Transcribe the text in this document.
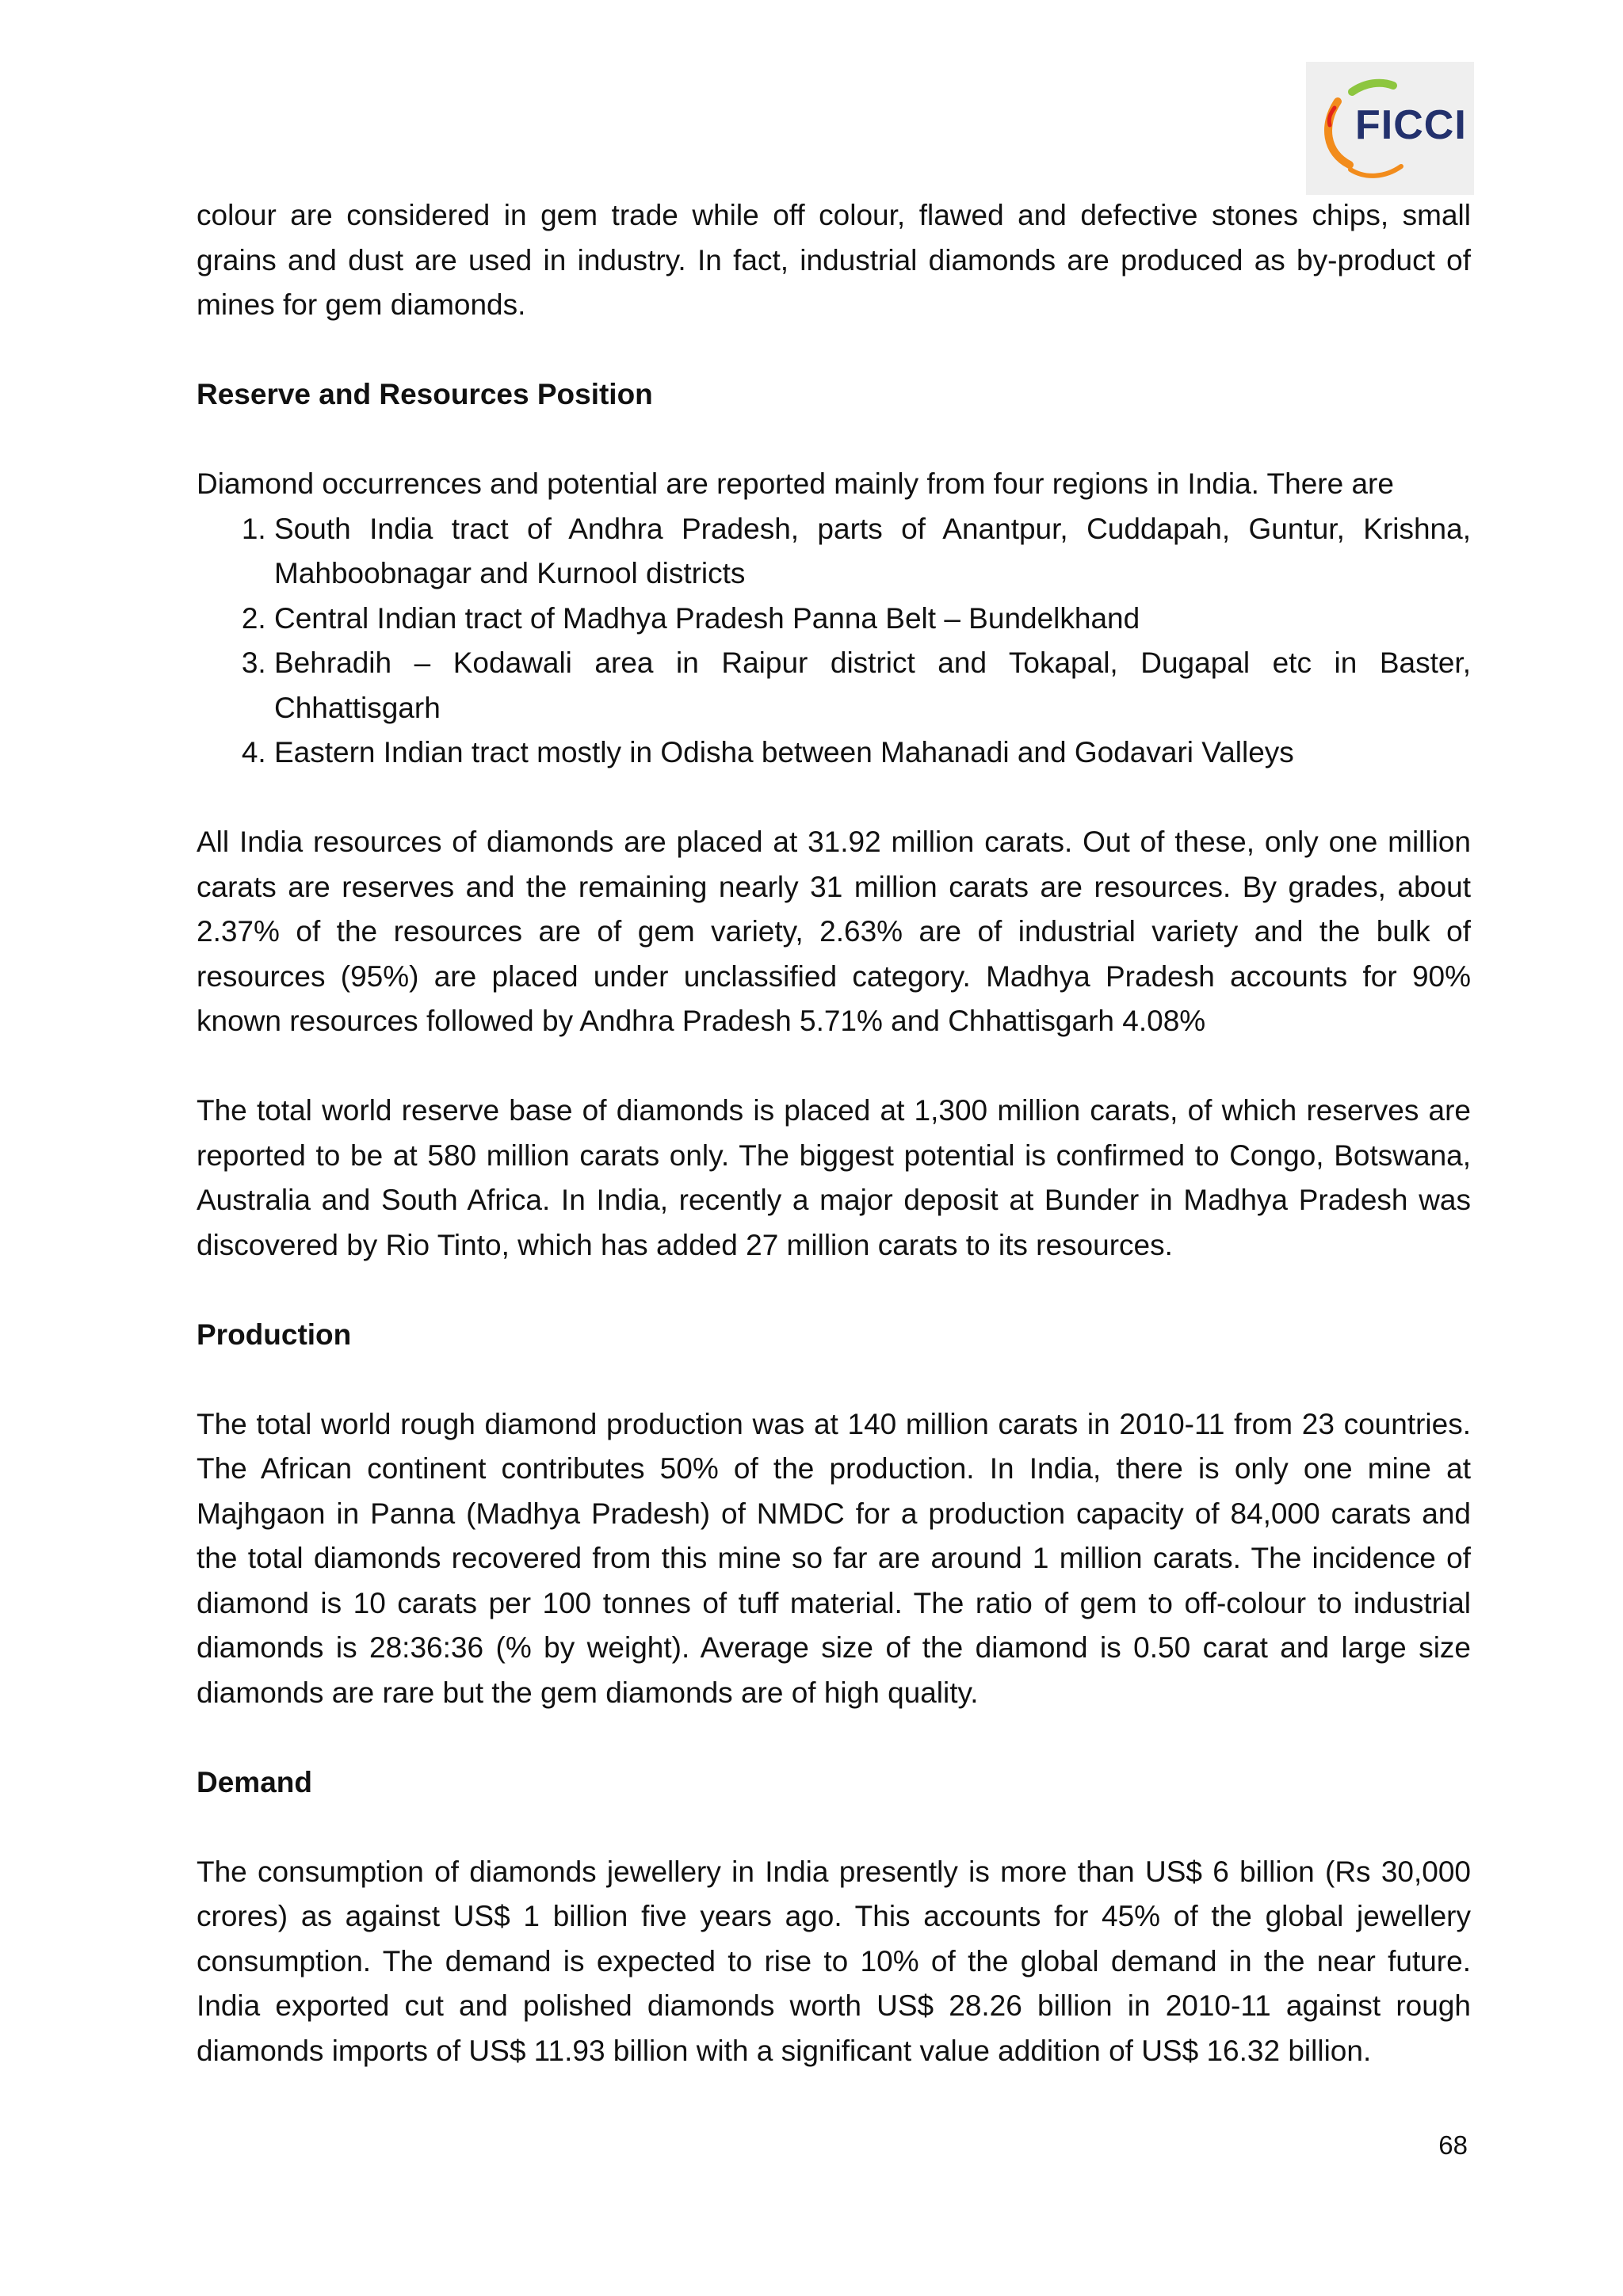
FICCI

colour are considered in gem trade while off colour, flawed and defective stones chips, small grains and dust are used in industry. In fact, industrial diamonds are produced as by-product of mines for gem diamonds.

Reserve and Resources Position

Diamond occurrences and potential are reported mainly from four regions in India. There are

1. South India tract of Andhra Pradesh, parts of Anantpur, Cuddapah, Guntur, Krishna, Mahboobnagar and Kurnool districts
2. Central Indian tract of Madhya Pradesh Panna Belt – Bundelkhand
3. Behradih – Kodawali area in Raipur district and Tokapal, Dugapal etc in Baster, Chhattisgarh
4. Eastern Indian tract mostly in Odisha between Mahanadi and Godavari Valleys

All India resources of diamonds are placed at 31.92 million carats. Out of these, only one million carats are reserves and the remaining nearly 31 million carats are resources. By grades, about 2.37% of the resources are of gem variety, 2.63% are of industrial variety and the bulk of resources (95%) are placed under unclassified category. Madhya Pradesh accounts for 90% known resources followed by Andhra Pradesh 5.71% and Chhattisgarh 4.08%

The total world reserve base of diamonds is placed at 1,300 million carats, of which reserves are reported to be at 580 million carats only. The biggest potential is confirmed to Congo, Botswana, Australia and South Africa. In India, recently a major deposit at Bunder in Madhya Pradesh was discovered by Rio Tinto, which has added 27 million carats to its resources.

Production

The total world rough diamond production was at 140 million carats in 2010-11 from 23 countries. The African continent contributes 50% of the production. In India, there is only one mine at Majhgaon in Panna (Madhya Pradesh) of NMDC for a production capacity of 84,000 carats and the total diamonds recovered from this mine so far are around 1 million carats. The incidence of diamond is 10 carats per 100 tonnes of tuff material. The ratio of gem to off-colour to industrial diamonds is 28:36:36 (% by weight). Average size of the diamond is 0.50 carat and large size diamonds are rare but the gem diamonds are of high quality.

Demand

The consumption of diamonds jewellery in India presently is more than US$ 6 billion (Rs 30,000 crores) as against US$ 1 billion five years ago. This accounts for 45% of the global jewellery consumption. The demand is expected to rise to 10% of the global demand in the near future. India exported cut and polished diamonds worth US$ 28.26 billion in 2010-11 against rough diamonds imports of US$ 11.93 billion with a significant value addition of US$ 16.32 billion.

68
